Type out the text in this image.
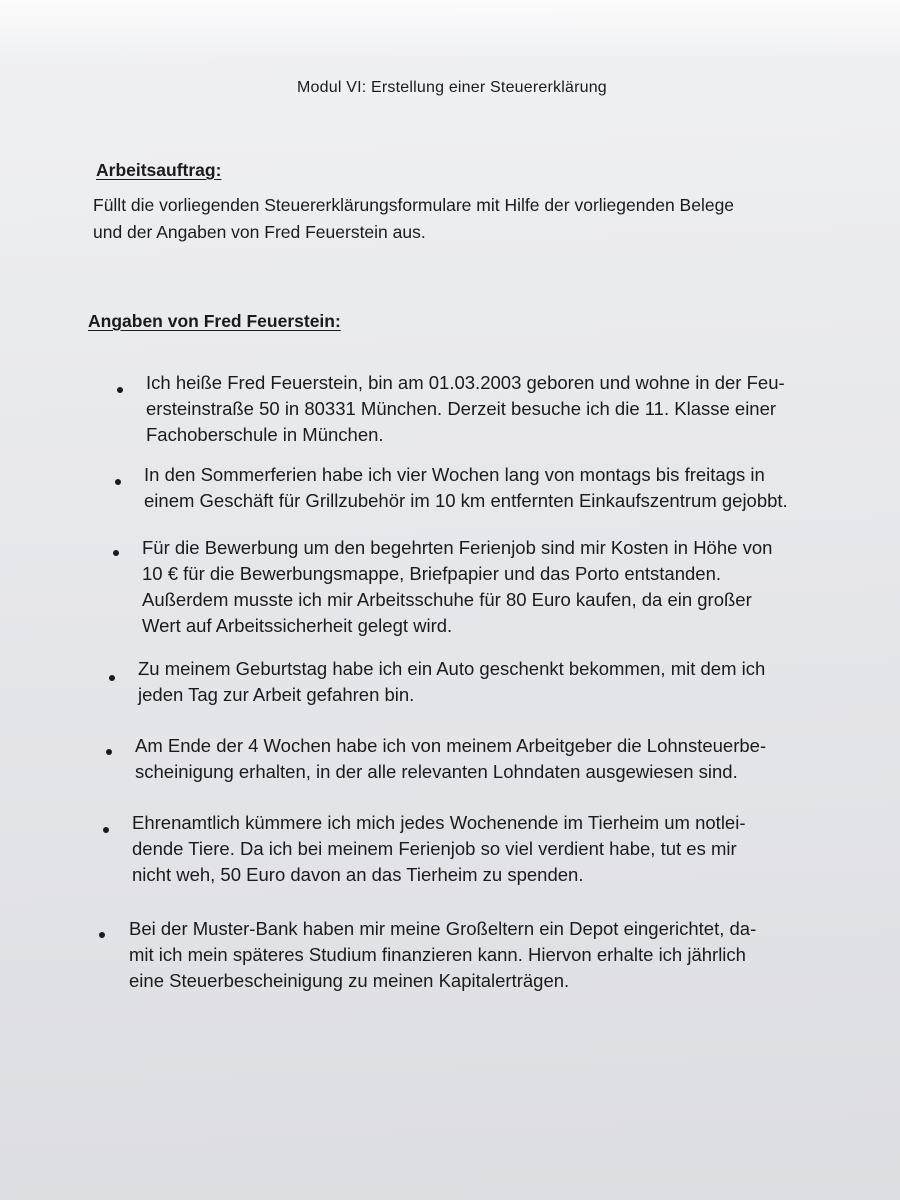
Modul VI: Erstellung einer Steuererklärung
Arbeitsauftrag:
Füllt die vorliegenden Steuererklärungsformulare mit Hilfe der vorliegenden Belege
und der Angaben von Fred Feuerstein aus.
Angaben von Fred Feuerstein:
Ich heiße Fred Feuerstein, bin am 01.03.2003 geboren und wohne in der Feu-
ersteinstraße 50 in 80331 München. Derzeit besuche ich die 11. Klasse einer
Fachoberschule in München.
In den Sommerferien habe ich vier Wochen lang von montags bis freitags in
einem Geschäft für Grillzubehör im 10 km entfernten Einkaufszentrum gejobbt.
Für die Bewerbung um den begehrten Ferienjob sind mir Kosten in Höhe von
10 € für die Bewerbungsmappe, Briefpapier und das Porto entstanden.
Außerdem musste ich mir Arbeitsschuhe für 80 Euro kaufen, da ein großer
Wert auf Arbeitssicherheit gelegt wird.
Zu meinem Geburtstag habe ich ein Auto geschenkt bekommen, mit dem ich
jeden Tag zur Arbeit gefahren bin.
Am Ende der 4 Wochen habe ich von meinem Arbeitgeber die Lohnsteuerbe-
scheinigung erhalten, in der alle relevanten Lohndaten ausgewiesen sind.
Ehrenamtlich kümmere ich mich jedes Wochenende im Tierheim um notlei-
dende Tiere. Da ich bei meinem Ferienjob so viel verdient habe, tut es mir
nicht weh, 50 Euro davon an das Tierheim zu spenden.
Bei der Muster-Bank haben mir meine Großeltern ein Depot eingerichtet, da-
mit ich mein späteres Studium finanzieren kann. Hiervon erhalte ich jährlich
eine Steuerbescheinigung zu meinen Kapitalerträgen.
